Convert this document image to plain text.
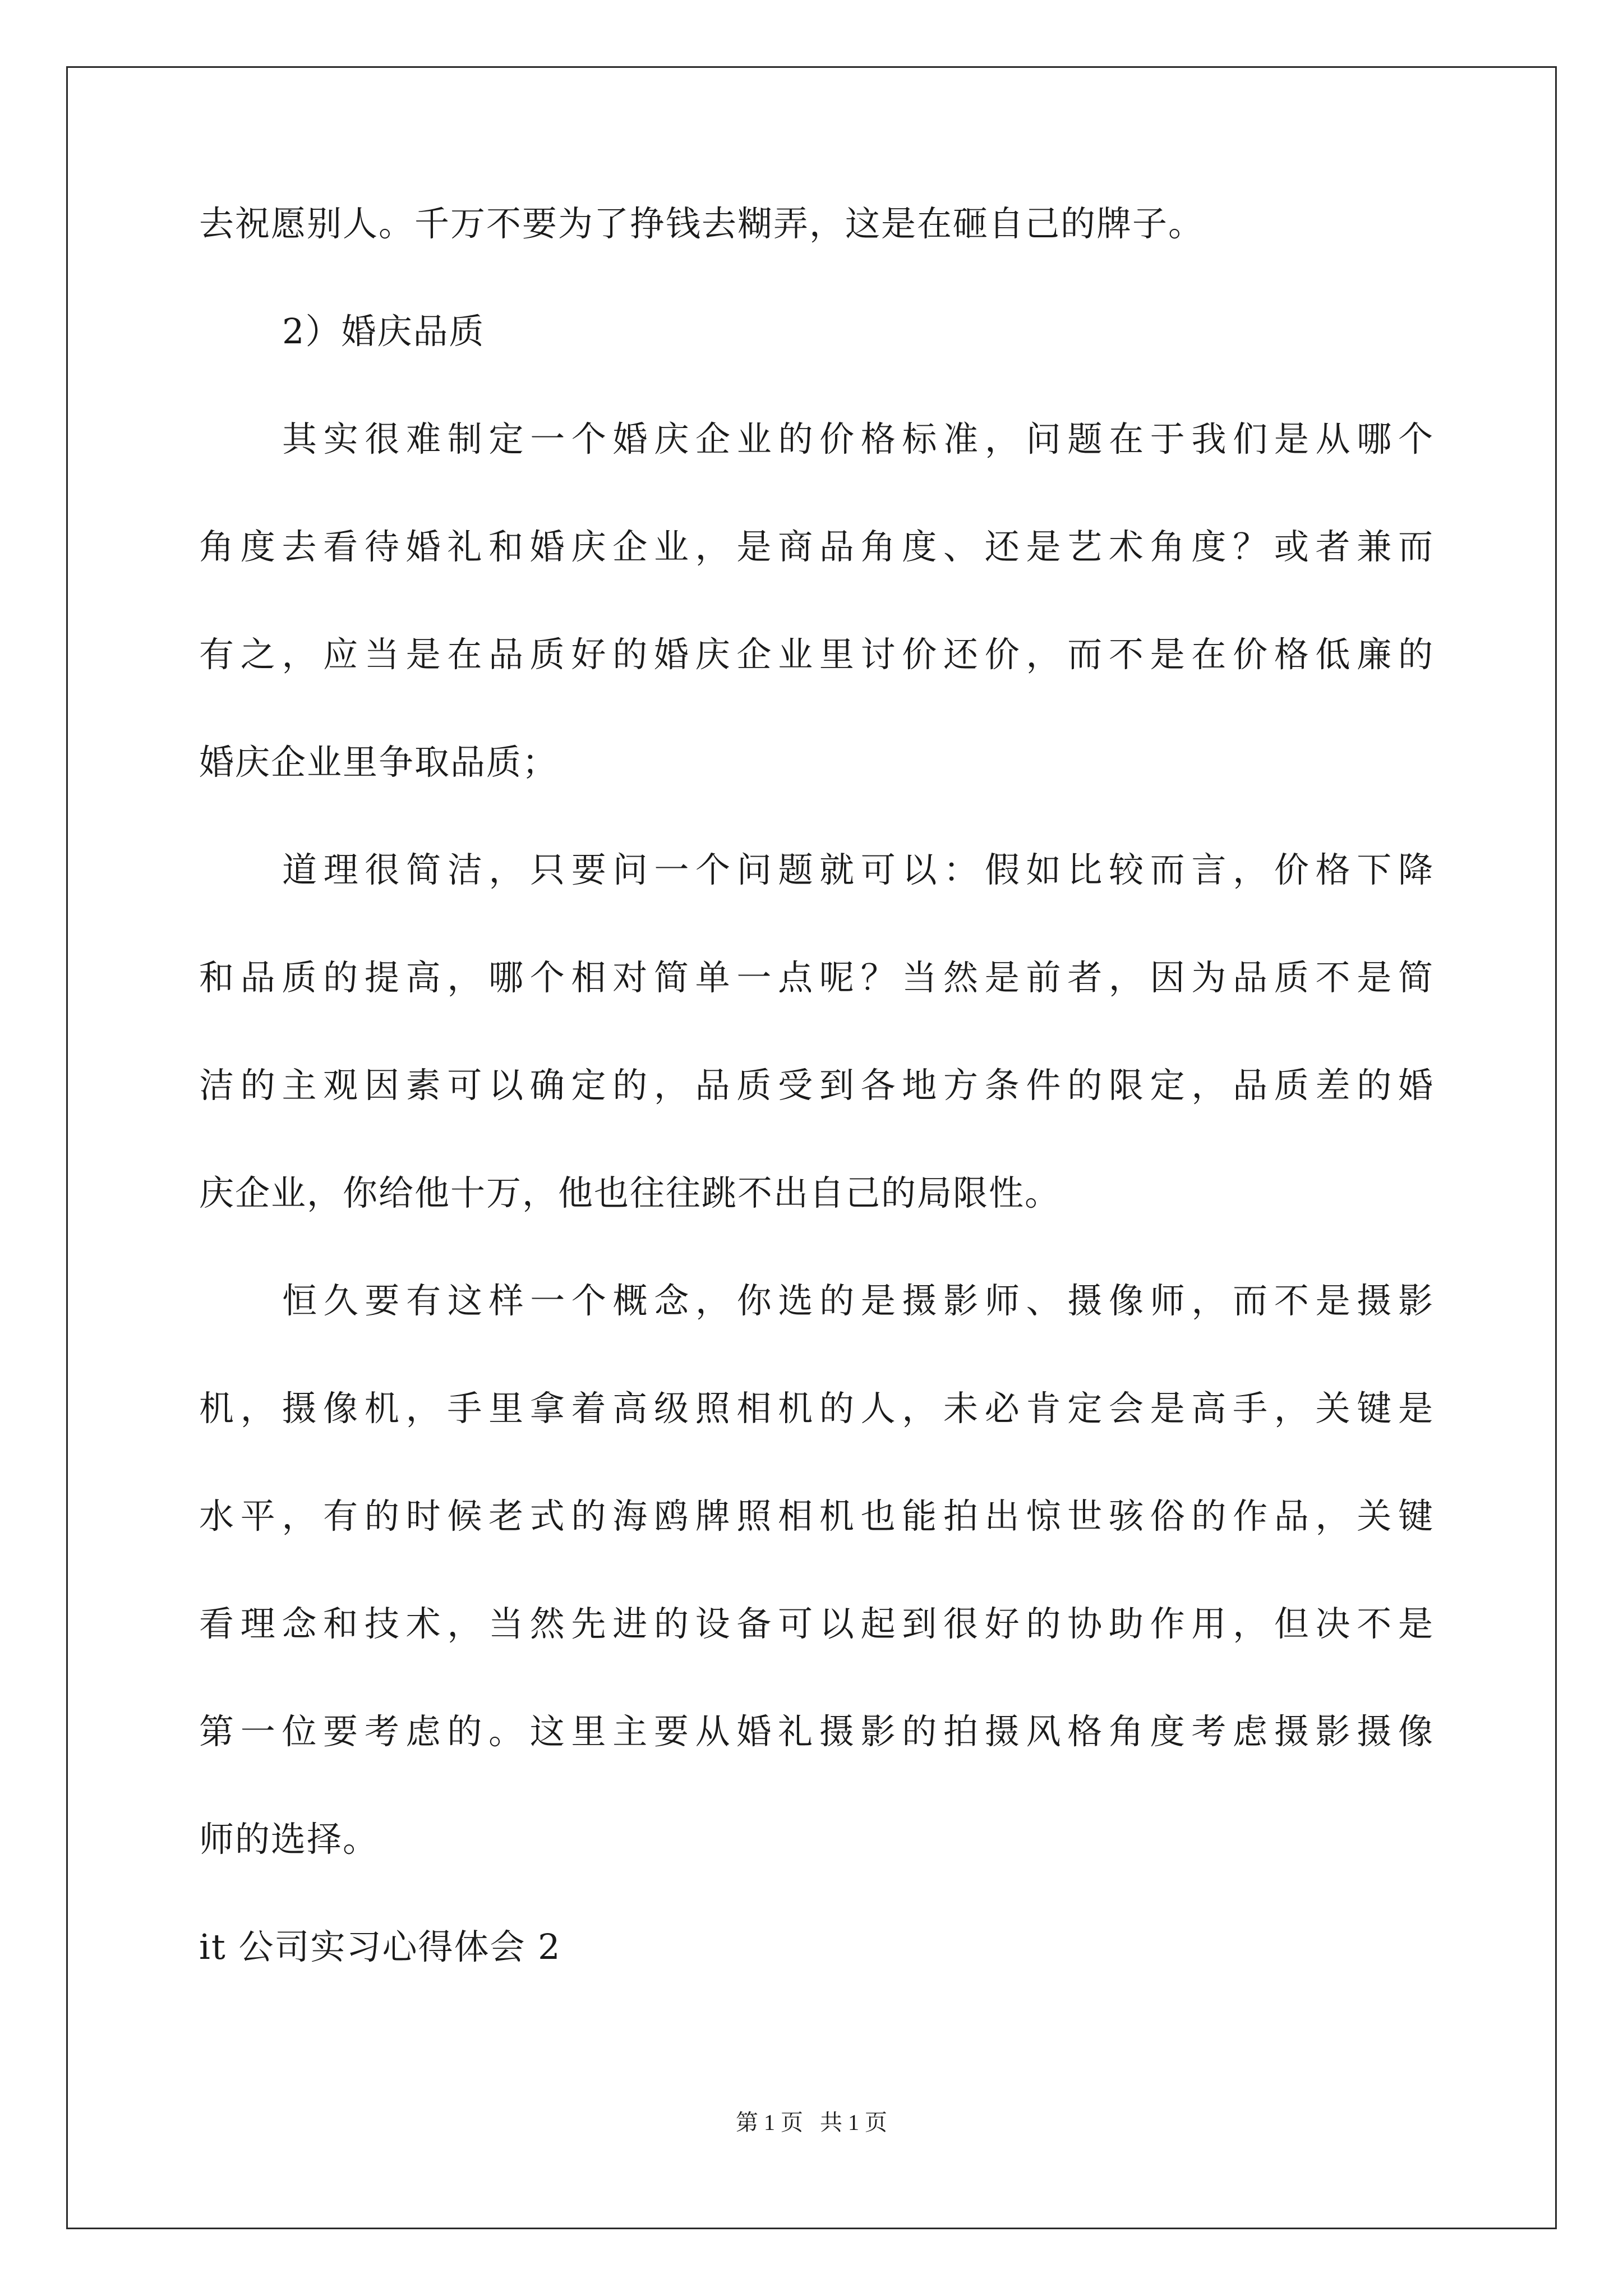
去祝愿别人。千万不要为了挣钱去糊弄，这是在砸自己的牌子。
2）婚庆品质
其实很难制定一个婚庆企业的价格标准，问题在于我们是从哪个
角度去看待婚礼和婚庆企业，是商品角度、还是艺术角度？或者兼而
有之，应当是在品质好的婚庆企业里讨价还价，而不是在价格低廉的
婚庆企业里争取品质；
道理很简洁，只要问一个问题就可以：假如比较而言，价格下降
和品质的提高，哪个相对简单一点呢？当然是前者，因为品质不是简
洁的主观因素可以确定的，品质受到各地方条件的限定，品质差的婚
庆企业，你给他十万，他也往往跳不出自己的局限性。
恒久要有这样一个概念，你选的是摄影师、摄像师，而不是摄影
机，摄像机，手里拿着高级照相机的人，未必肯定会是高手，关键是
水平，有的时候老式的海鸥牌照相机也能拍出惊世骇俗的作品，关键
看理念和技术，当然先进的设备可以起到很好的协助作用，但决不是
第一位要考虑的。这里主要从婚礼摄影的拍摄风格角度考虑摄影摄像
师的选择。
it 公司实习心得体会 2
第 1 页   共 1 页
